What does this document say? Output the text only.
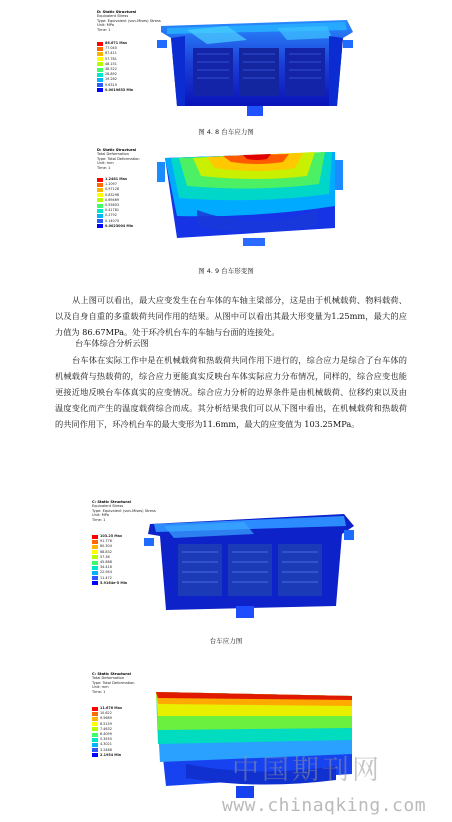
D: Static Structural
Equivalent Stress
Type: Equivalent (von-Mises) Stress
Unit: MPa
Time: 1
86.671 Max
77.040
67.411
57.781
48.151
38.522
28.892
19.262
9.6319
0.0019633 Min
图 4. 8 台车应力图
D: Static Structural
Total Deformation
Type: Total Deformation
Unit: mm
Time: 1
1.2481 Max
1.1097
0.97128
0.83298
0.69469
0.55603
0.41781
0.2792
0.14070
0.0023004 Min
图 4. 9 台车形变图

从上图可以看出，最大应变发生在台车体的车轴主梁部分，这是由于机械载荷、物料载荷、以及自身自重的多重载荷共同作用的结果。从图中可以看出其最大形变量为1.25mm，最大的应力值为 86.67MPa。处于环冷机台车的车轴与台面的连接处。

台车体综合分析云图

台车体在实际工作中是在机械载荷和热载荷共同作用下进行的，综合应力是综合了台车体的机械载荷与热载荷的，综合应力更能真实反映台车体实际应力分布情况，同样的，综合应变也能更接近地反映台车体真实的应变情况。综合应力分析的边界条件是由机械载荷、位移约束以及由温度变化而产生的温度载荷综合而成。其分析结果我们可以从下图中看出，在机械载荷和热载荷的共同作用下，环冷机台车的最大变形为11.6mm，最大的应变值为 103.25MPa。

C: Static Structural
Equivalent Stress
Type: Equivalent (von-Mises) Stress
Unit: MPa
Time: 1
103.25 Max
91.776
80.304
68.832
57.36
45.888
34.416
22.944
11.472
5.9164e-5 Min
台车应力图
C: Static Structural
Total Deformation
Type: Total Deformation
Unit: mm
Time: 1
11.676 Max
10.622
9.5689
8.5159
7.4632
6.4099
5.3555
4.3021
3.2488
2.1954 Min
中国期刊网
www.chinaqking.com
